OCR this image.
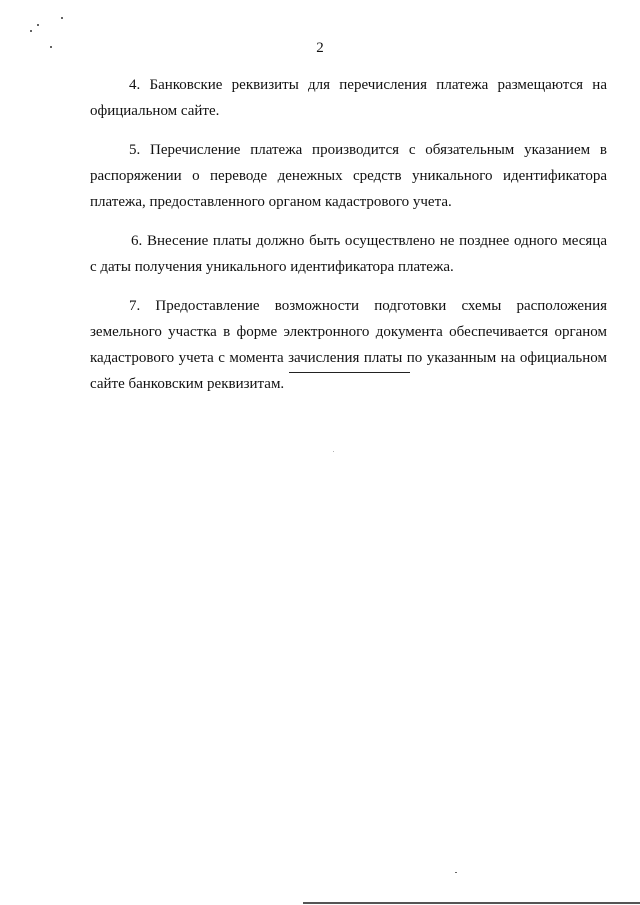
2

4. Банковские реквизиты для перечисления платежа размещаются на официальном сайте.

5. Перечисление платежа производится с обязательным указанием в распоряжении о переводе денежных средств уникального идентификатора платежа, предоставленного органом кадастрового учета.

6. Внесение платы должно быть осуществлено не позднее одного месяца с даты получения уникального идентификатора платежа.

7. Предоставление возможности подготовки схемы расположения земельного участка в форме электронного документа обеспечивается органом кадастрового учета с момента зачисления платы по указанным на официальном сайте банковским реквизитам.
